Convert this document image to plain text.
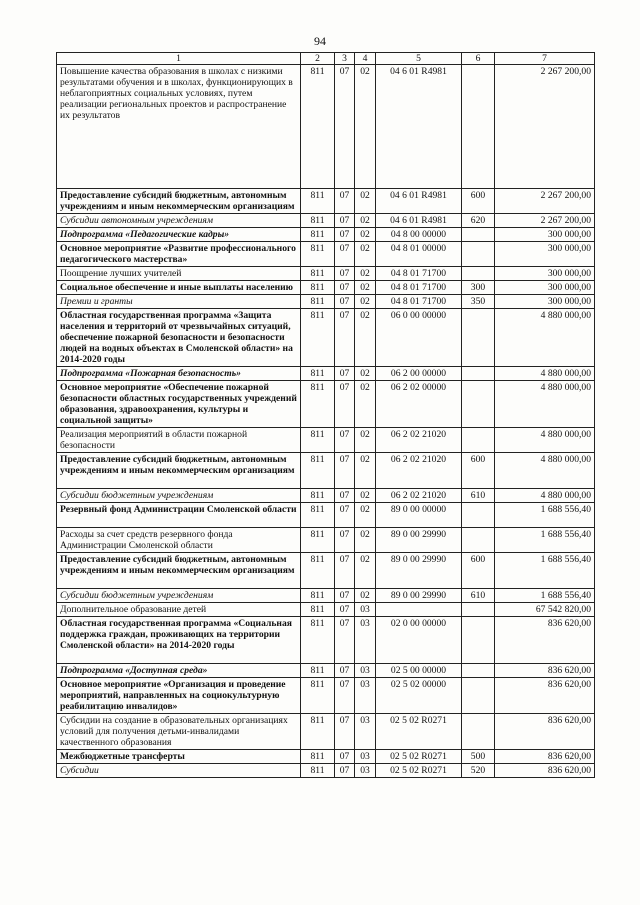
94
1	2	3	4	5	6	7
Повышение качества образования в школах с низкими результатами обучения и в школах, функционирующих в неблагоприятных социальных условиях, путем реализации региональных проектов и распространение их результатов	811	07	02	04 6 01 R4981		2 267 200,00
Предоставление субсидий бюджетным, автономным учреждениям и иным некоммерческим организациям	811	07	02	04 6 01 R4981	600	2 267 200,00
Субсидии автономным учреждениям	811	07	02	04 6 01 R4981	620	2 267 200,00
Подпрограмма «Педагогические кадры»	811	07	02	04 8 00 00000		300 000,00
Основное мероприятие «Развитие профессионального педагогического мастерства»	811	07	02	04 8 01 00000		300 000,00
Поощрение лучших учителей	811	07	02	04 8 01 71700		300 000,00
Социальное обеспечение и иные выплаты населению	811	07	02	04 8 01 71700	300	300 000,00
Премии и гранты	811	07	02	04 8 01 71700	350	300 000,00
Областная государственная программа «Защита населения и территорий от чрезвычайных ситуаций, обеспечение пожарной безопасности и безопасности людей на водных объектах в Смоленской области» на 2014-2020 годы	811	07	02	06 0 00 00000		4 880 000,00
Подпрограмма «Пожарная безопасность»	811	07	02	06 2 00 00000		4 880 000,00
Основное мероприятие «Обеспечение пожарной безопасности областных государственных учреждений образования, здравоохранения, культуры и социальной защиты»	811	07	02	06 2 02 00000		4 880 000,00
Реализация мероприятий в области пожарной безопасности	811	07	02	06 2 02 21020		4 880 000,00
Предоставление субсидий бюджетным, автономным учреждениям и иным некоммерческим организациям	811	07	02	06 2 02 21020	600	4 880 000,00
Субсидии бюджетным учреждениям	811	07	02	06 2 02 21020	610	4 880 000,00
Резервный фонд Администрации Смоленской области	811	07	02	89 0 00 00000		1 688 556,40
Расходы за счет средств резервного фонда Администрации Смоленской области	811	07	02	89 0 00 29990		1 688 556,40
Предоставление субсидий бюджетным, автономным учреждениям и иным некоммерческим организациям	811	07	02	89 0 00 29990	600	1 688 556,40
Субсидии бюджетным учреждениям	811	07	02	89 0 00 29990	610	1 688 556,40
Дополнительное образование детей	811	07	03			67 542 820,00
Областная государственная программа «Социальная поддержка граждан, проживающих на территории Смоленской области» на 2014-2020 годы	811	07	03	02 0 00 00000		836 620,00
Подпрограмма «Доступная среда»	811	07	03	02 5 00 00000		836 620,00
Основное мероприятие «Организация и проведение мероприятий, направленных на социокультурную реабилитацию инвалидов»	811	07	03	02 5 02 00000		836 620,00
Субсидии на создание в образовательных организациях условий для получения детьми-инвалидами качественного образования	811	07	03	02 5 02 R0271		836 620,00
Межбюджетные трансферты	811	07	03	02 5 02 R0271	500	836 620,00
Субсидии	811	07	03	02 5 02 R0271	520	836 620,00
